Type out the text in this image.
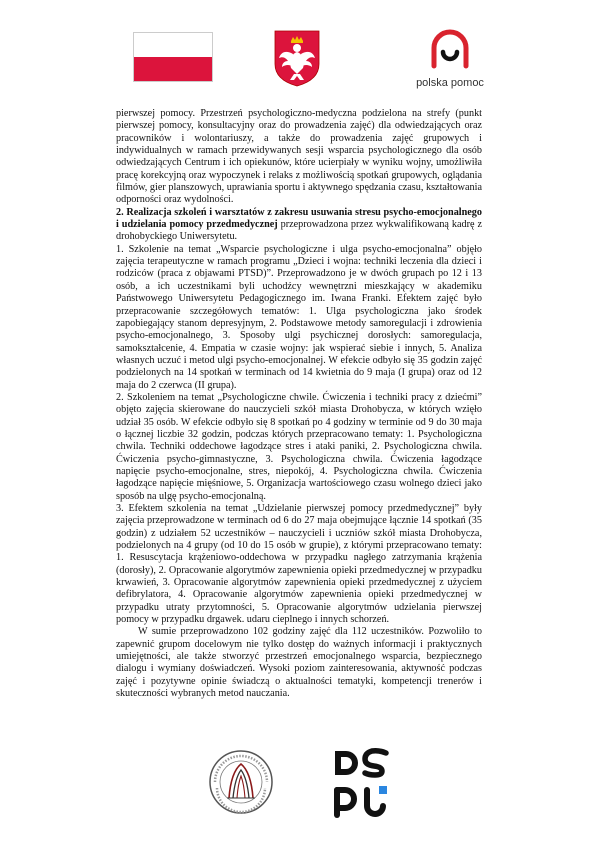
polska pomoc

pierwszej pomocy. Przestrzeń psychologiczno-medyczna podzielona na strefy (punkt pierwszej pomocy, konsultacyjny oraz do prowadzenia zajęć) dla odwiedzających oraz pracowników i wolontariuszy, a także do prowadzenia zajęć grupowych i indywidualnych w ramach przewidywanych sesji wsparcia psychologicznego dla osób odwiedzających Centrum i ich opiekunów, które ucierpiały w wyniku wojny, umożliwiła pracę korekcyjną oraz wypoczynek i relaks z możliwością spotkań grupowych, oglądania filmów, gier planszowych, uprawiania sportu i aktywnego spędzania czasu, kształtowania odporności oraz wydolności.

2. Realizacja szkoleń i warsztatów z zakresu usuwania stresu psycho-emocjonalnego i udzielania pomocy przedmedycznej przeprowadzona przez wykwalifikowaną kadrę z drohobyckiego Uniwersytetu.

1. Szkolenie na temat „Wsparcie psychologiczne i ulga psycho-emocjonalna” objęło zajęcia terapeutyczne w ramach programu „Dzieci i wojna: techniki leczenia dla dzieci i rodziców (praca z objawami PTSD)”. Przeprowadzono je w dwóch grupach po 12 i 13 osób, a ich uczestnikami byli uchodźcy wewnętrzni mieszkający w akademiku Państwowego Uniwersytetu Pedagogicznego im. Iwana Franki. Efektem zajęć było przepracowanie szczegółowych tematów: 1. Ulga psychologiczna jako środek zapobiegający stanom depresyjnym, 2. Podstawowe metody samoregulacji i zdrowienia psycho-emocjonalnego, 3. Sposoby ulgi psychicznej dorosłych: samoregulacja, samokształcenie, 4. Empatia w czasie wojny: jak wspierać siebie i innych, 5. Analiza własnych uczuć i metod ulgi psycho-emocjonalnej. W efekcie odbyło się 35 godzin zajęć podzielonych na 14 spotkań w terminach od 14 kwietnia do 9 maja (I grupa) oraz od 12 maja do 2 czerwca (II grupa).

2. Szkoleniem na temat „Psychologiczne chwile. Ćwiczenia i techniki pracy z dziećmi” objęto zajęcia skierowane do nauczycieli szkół miasta Drohobycza, w których wzięło udział 35 osób. W efekcie odbyło się 8 spotkań po 4 godziny w terminie od 9 do 30 maja o łącznej liczbie 32 godzin, podczas których przepracowano tematy: 1. Psychologiczna chwila. Techniki oddechowe łagodzące stres i ataki paniki, 2. Psychologiczna chwila. Ćwiczenia psycho-gimnastyczne, 3. Psychologiczna chwila. Ćwiczenia łagodzące napięcie psycho-emocjonalne, stres, niepokój, 4. Psychologiczna chwila. Ćwiczenia łagodzące napięcie mięśniowe, 5. Organizacja wartościowego czasu wolnego dzieci jako sposób na ulgę psycho-emocjonalną.

3. Efektem szkolenia na temat „Udzielanie pierwszej pomocy przedmedycznej” były zajęcia przeprowadzone w terminach od 6 do 27 maja obejmujące łącznie 14 spotkań (35 godzin) z udziałem 52 uczestników – nauczycieli i uczniów szkół miasta Drohobycza, podzielonych na 4 grupy (od 10 do 15 osób w grupie), z którymi przepracowano tematy: 1. Resuscytacja krążeniowo-oddechowa w przypadku nagłego zatrzymania krążenia (dorosły), 2. Opracowanie algorytmów zapewnienia opieki przedmedycznej w przypadku krwawień, 3. Opracowanie algorytmów zapewnienia opieki przedmedycznej z użyciem defibrylatora, 4. Opracowanie algorytmów zapewnienia opieki przedmedycznej w przypadku utraty przytomności, 5. Opracowanie algorytmów udzielania pierwszej pomocy w przypadku drgawek. udaru cieplnego i innych schorzeń.

W sumie przeprowadzono 102 godziny zajęć dla 112 uczestników. Pozwoliło to zapewnić grupom docelowym nie tylko dostęp do ważnych informacji i praktycznych umiejętności, ale także stworzyć przestrzeń emocjonalnego wsparcia, bezpiecznego dialogu i wymiany doświadczeń. Wysoki poziom zainteresowania, aktywność podczas zajęć i pozytywne opinie świadczą o aktualności tematyki, kompetencji trenerów i skuteczności wybranych metod nauczania.
